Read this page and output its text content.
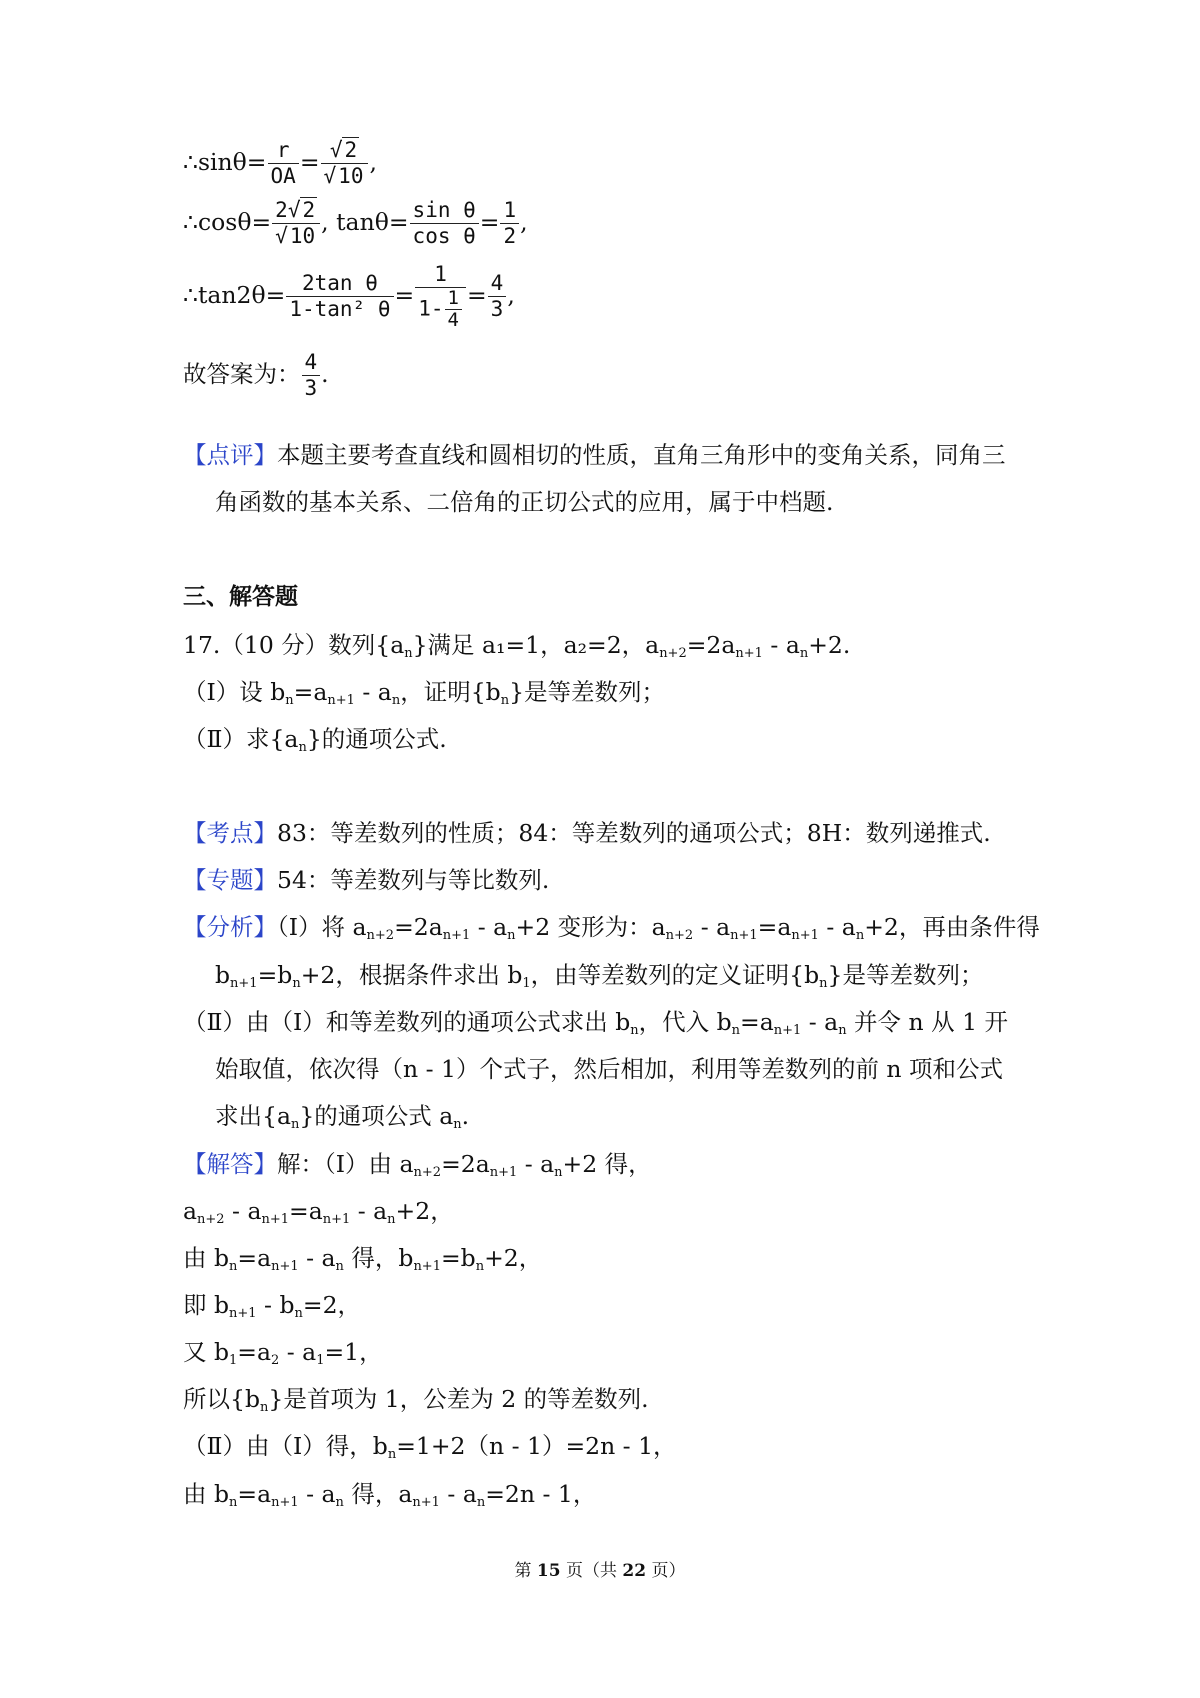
∴sinθ= $\frac{r}{OA} = \frac{√2}{√10}$ ,
∴cosθ= $\frac{2√2}{√10}$ , $\tan\theta= \frac{\text{sin θ}}{\text{cos θ}} = \frac{1}{2}$ ,
∴tan2θ= $\frac{\text{2tan θ}}{\text{1-tan² θ}} = \frac{1}{1- \frac{1}{4}} = \frac{4}{3}$ ,
故答案为： $\frac{4}{3}$ .
【点评】本题主要考查直线和圆相切的性质，直角三角形中的变角关系，同角三
角函数的基本关系、二倍角的正切公式的应用，属于中档题.
三、解答题
17.（10 分）数列$\{a_n\}$满足 a₁=1，a₂=2，$a_{n+2}=2a_{n+1} - a_n+2$.
（Ⅰ）设 $b_n=a_{n+1} - a_n$，证明$\{b_n\}$是等差数列；
（Ⅱ）求$\{a_n\}$的通项公式.
【考点】83：等差数列的性质；84：等差数列的通项公式；8H：数列递推式.
【专题】54：等差数列与等比数列.
【分析】（Ⅰ）将 $a_{n+2}=2a_{n+1} - a_n+2$ 变形为：$a_{n+2} - a_{n+1}=a_{n+1} - a_n+2$，再由条件得
$b_{n+1}=b_n+2$，根据条件求出 $b_1$，由等差数列的定义证明$\{b_n\}$是等差数列；
（Ⅱ）由（Ⅰ）和等差数列的通项公式求出 $b_n$，代入 $b_n=a_{n+1} - a_n$ 并令 n 从 1 开
始取值，依次得（n - 1）个式子，然后相加，利用等差数列的前 n 项和公式
求出$\{a_n\}$的通项公式 $a_n$.
【解答】解：（Ⅰ）由 $a_{n+2}=2a_{n+1} - a_n+2$ 得，
$a_{n+2} - a_{n+1}=a_{n+1} - a_n+2$，
由 $b_n=a_{n+1} - a_n$ 得，$b_{n+1}=b_n+2$，
即 $b_{n+1} - b_n=2$，
又 $b_1=a_2 - a_1=1$，
所以$\{b_n\}$是首项为 1，公差为 2 的等差数列.
（Ⅱ）由（Ⅰ）得，$b_n=1+2(n - 1)=2n - 1$，
由 $b_n=a_{n+1} - a_n$ 得，$a_{n+1} - a_n=2n - 1$，
第 15 页（共 22 页）
